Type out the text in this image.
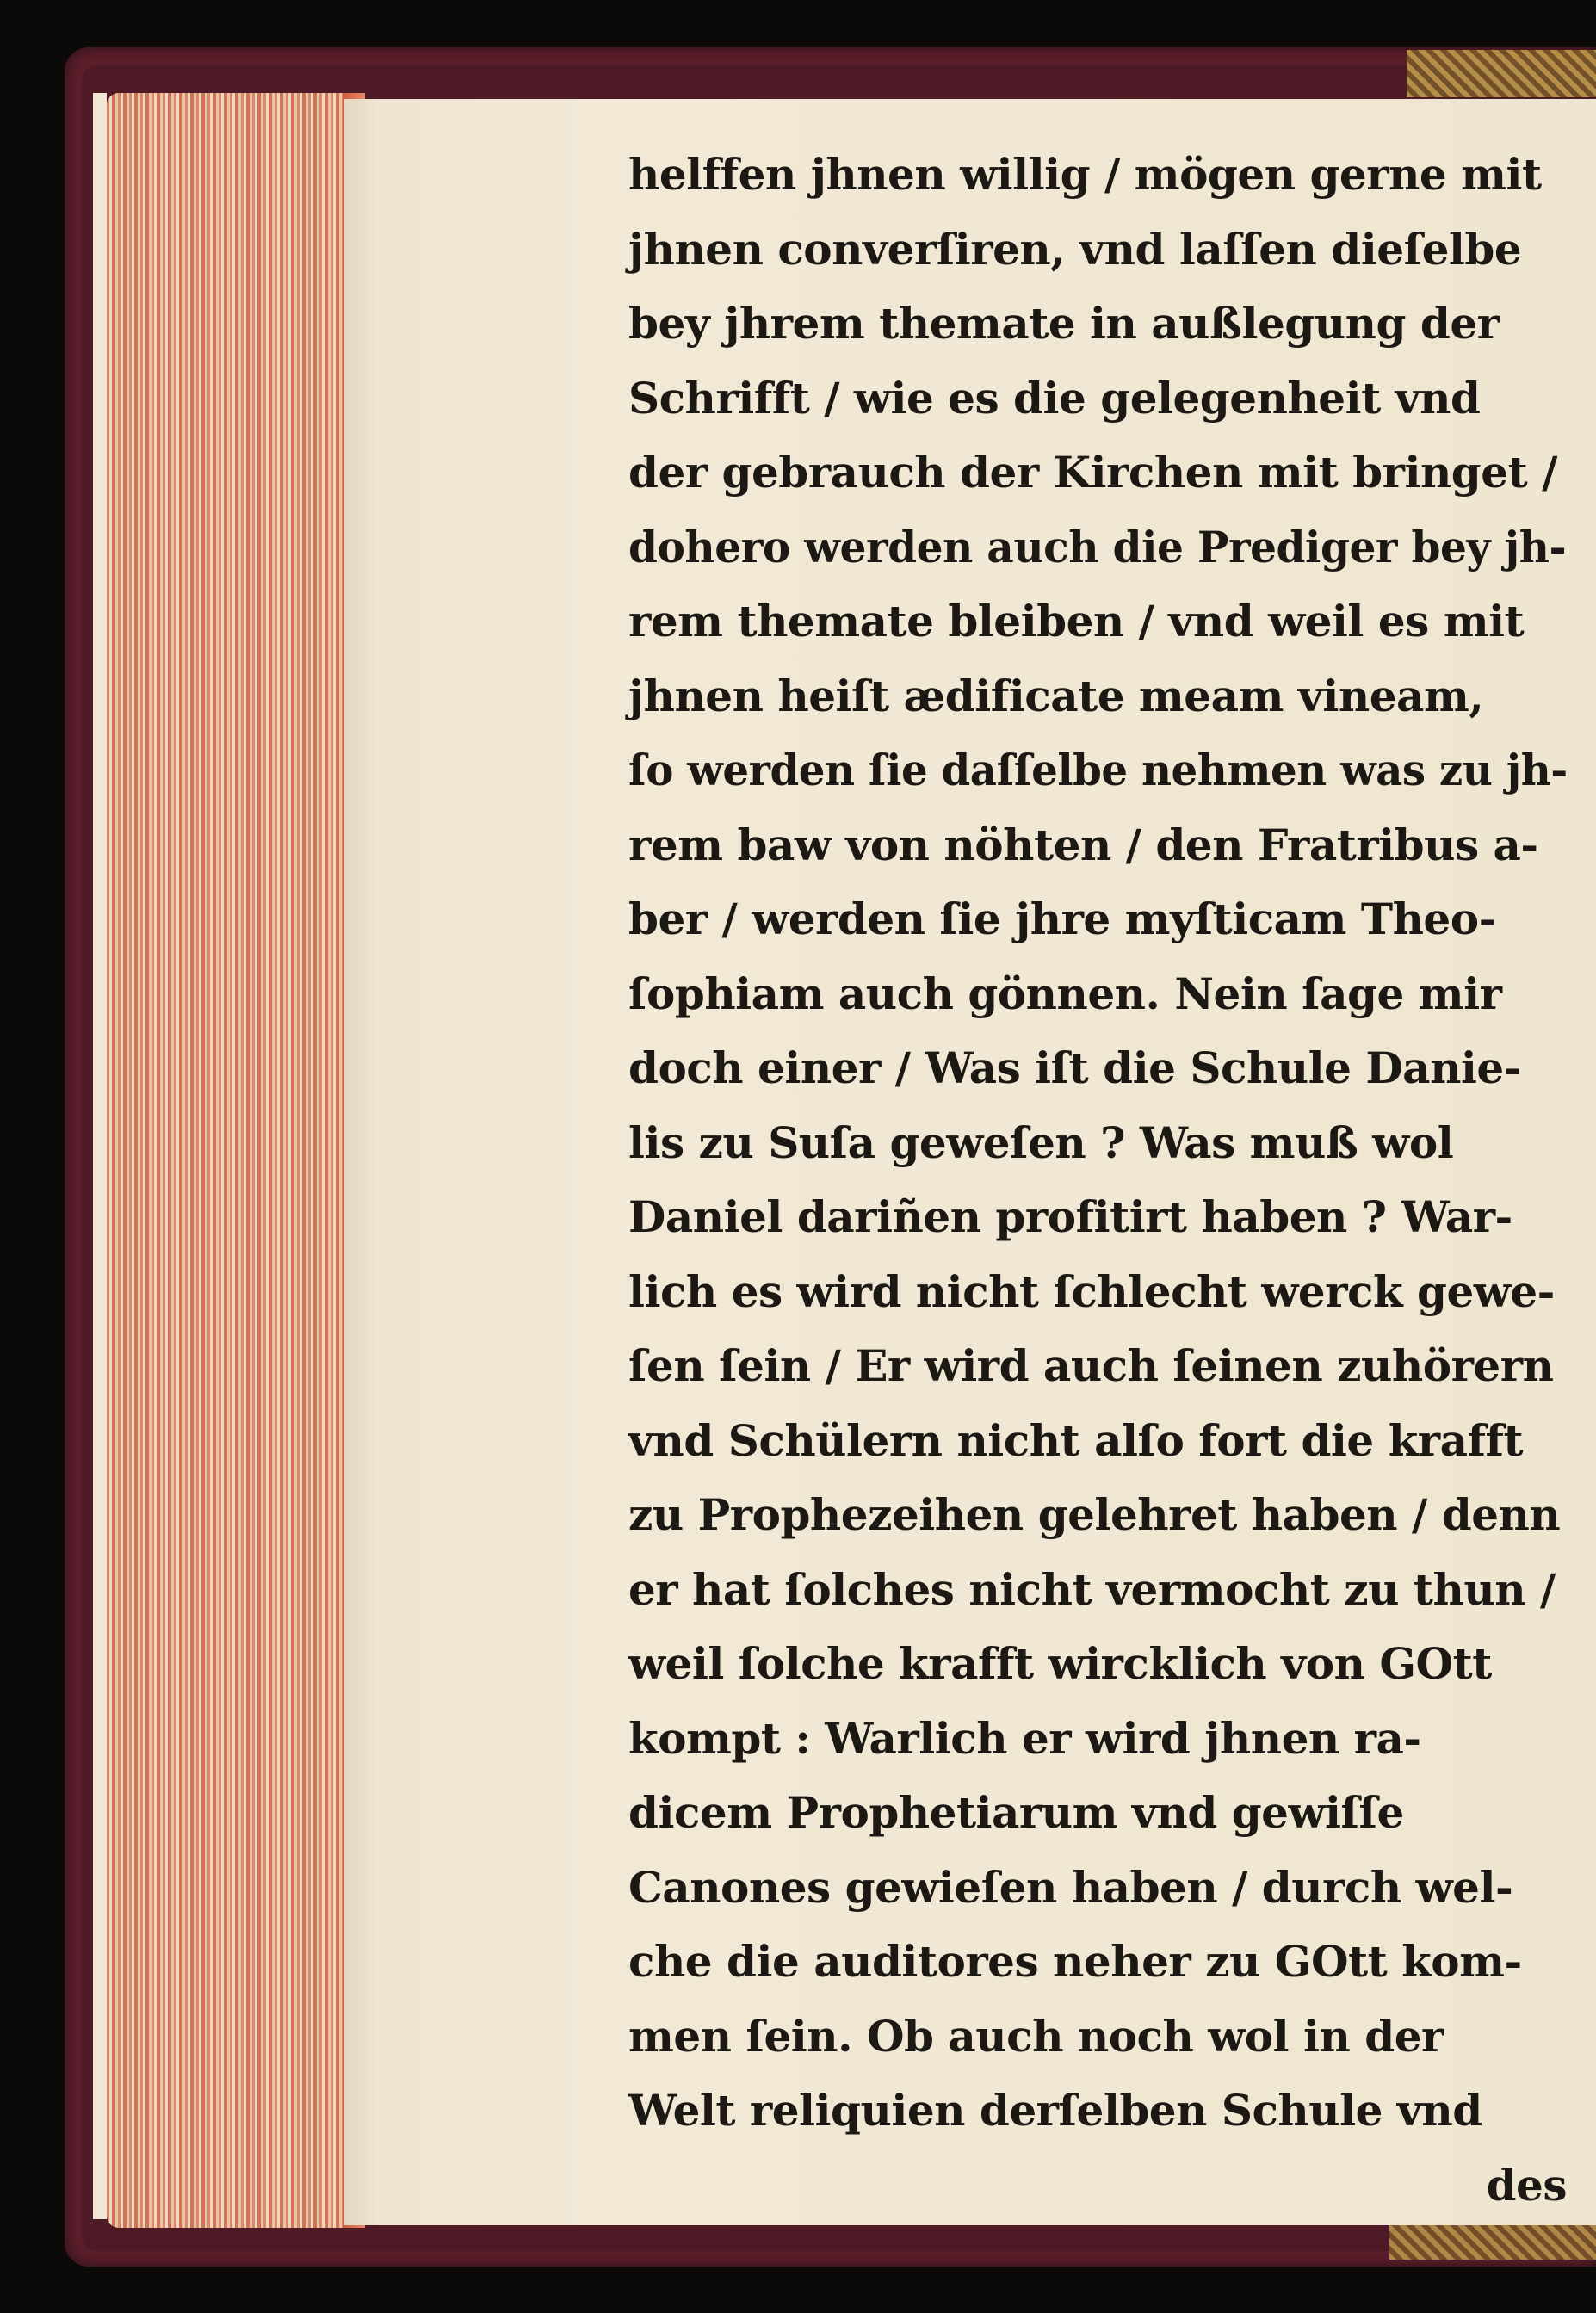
helffen jhnen willig / mögen gerne mit
jhnen converſiren, vnd laſſen dieſelbe
bey jhrem themate in außlegung der
Schrifft / wie es die gelegenheit vnd
der gebrauch der Kirchen mit bringet /
dohero werden auch die Prediger bey jh-
rem themate bleiben / vnd weil es mit
jhnen heiſt ædificate meam vineam,
ſo werden ſie daſſelbe nehmen was zu jh-
rem baw von nöhten / den Fratribus a-
ber / werden ſie jhre myſticam Theo-
ſophiam auch gönnen. Nein ſage mir
doch einer / Was iſt die Schule Danie-
lis zu Suſa geweſen ? Was muß wol
Daniel dariñen profitirt haben ? War-
lich es wird nicht ſchlecht werck gewe-
ſen ſein / Er wird auch ſeinen zuhörern
vnd Schülern nicht alſo fort die krafft
zu Prophezeihen gelehret haben / denn
er hat ſolches nicht vermocht zu thun /
weil ſolche krafft wircklich von GOtt
kompt : Warlich er wird jhnen ra-
dicem Prophetiarum vnd gewiſſe
Canones gewieſen haben / durch wel-
che die auditores neher zu GOtt kom-
men ſein. Ob auch noch wol in der
Welt reliquien derſelben Schule vnd
des
